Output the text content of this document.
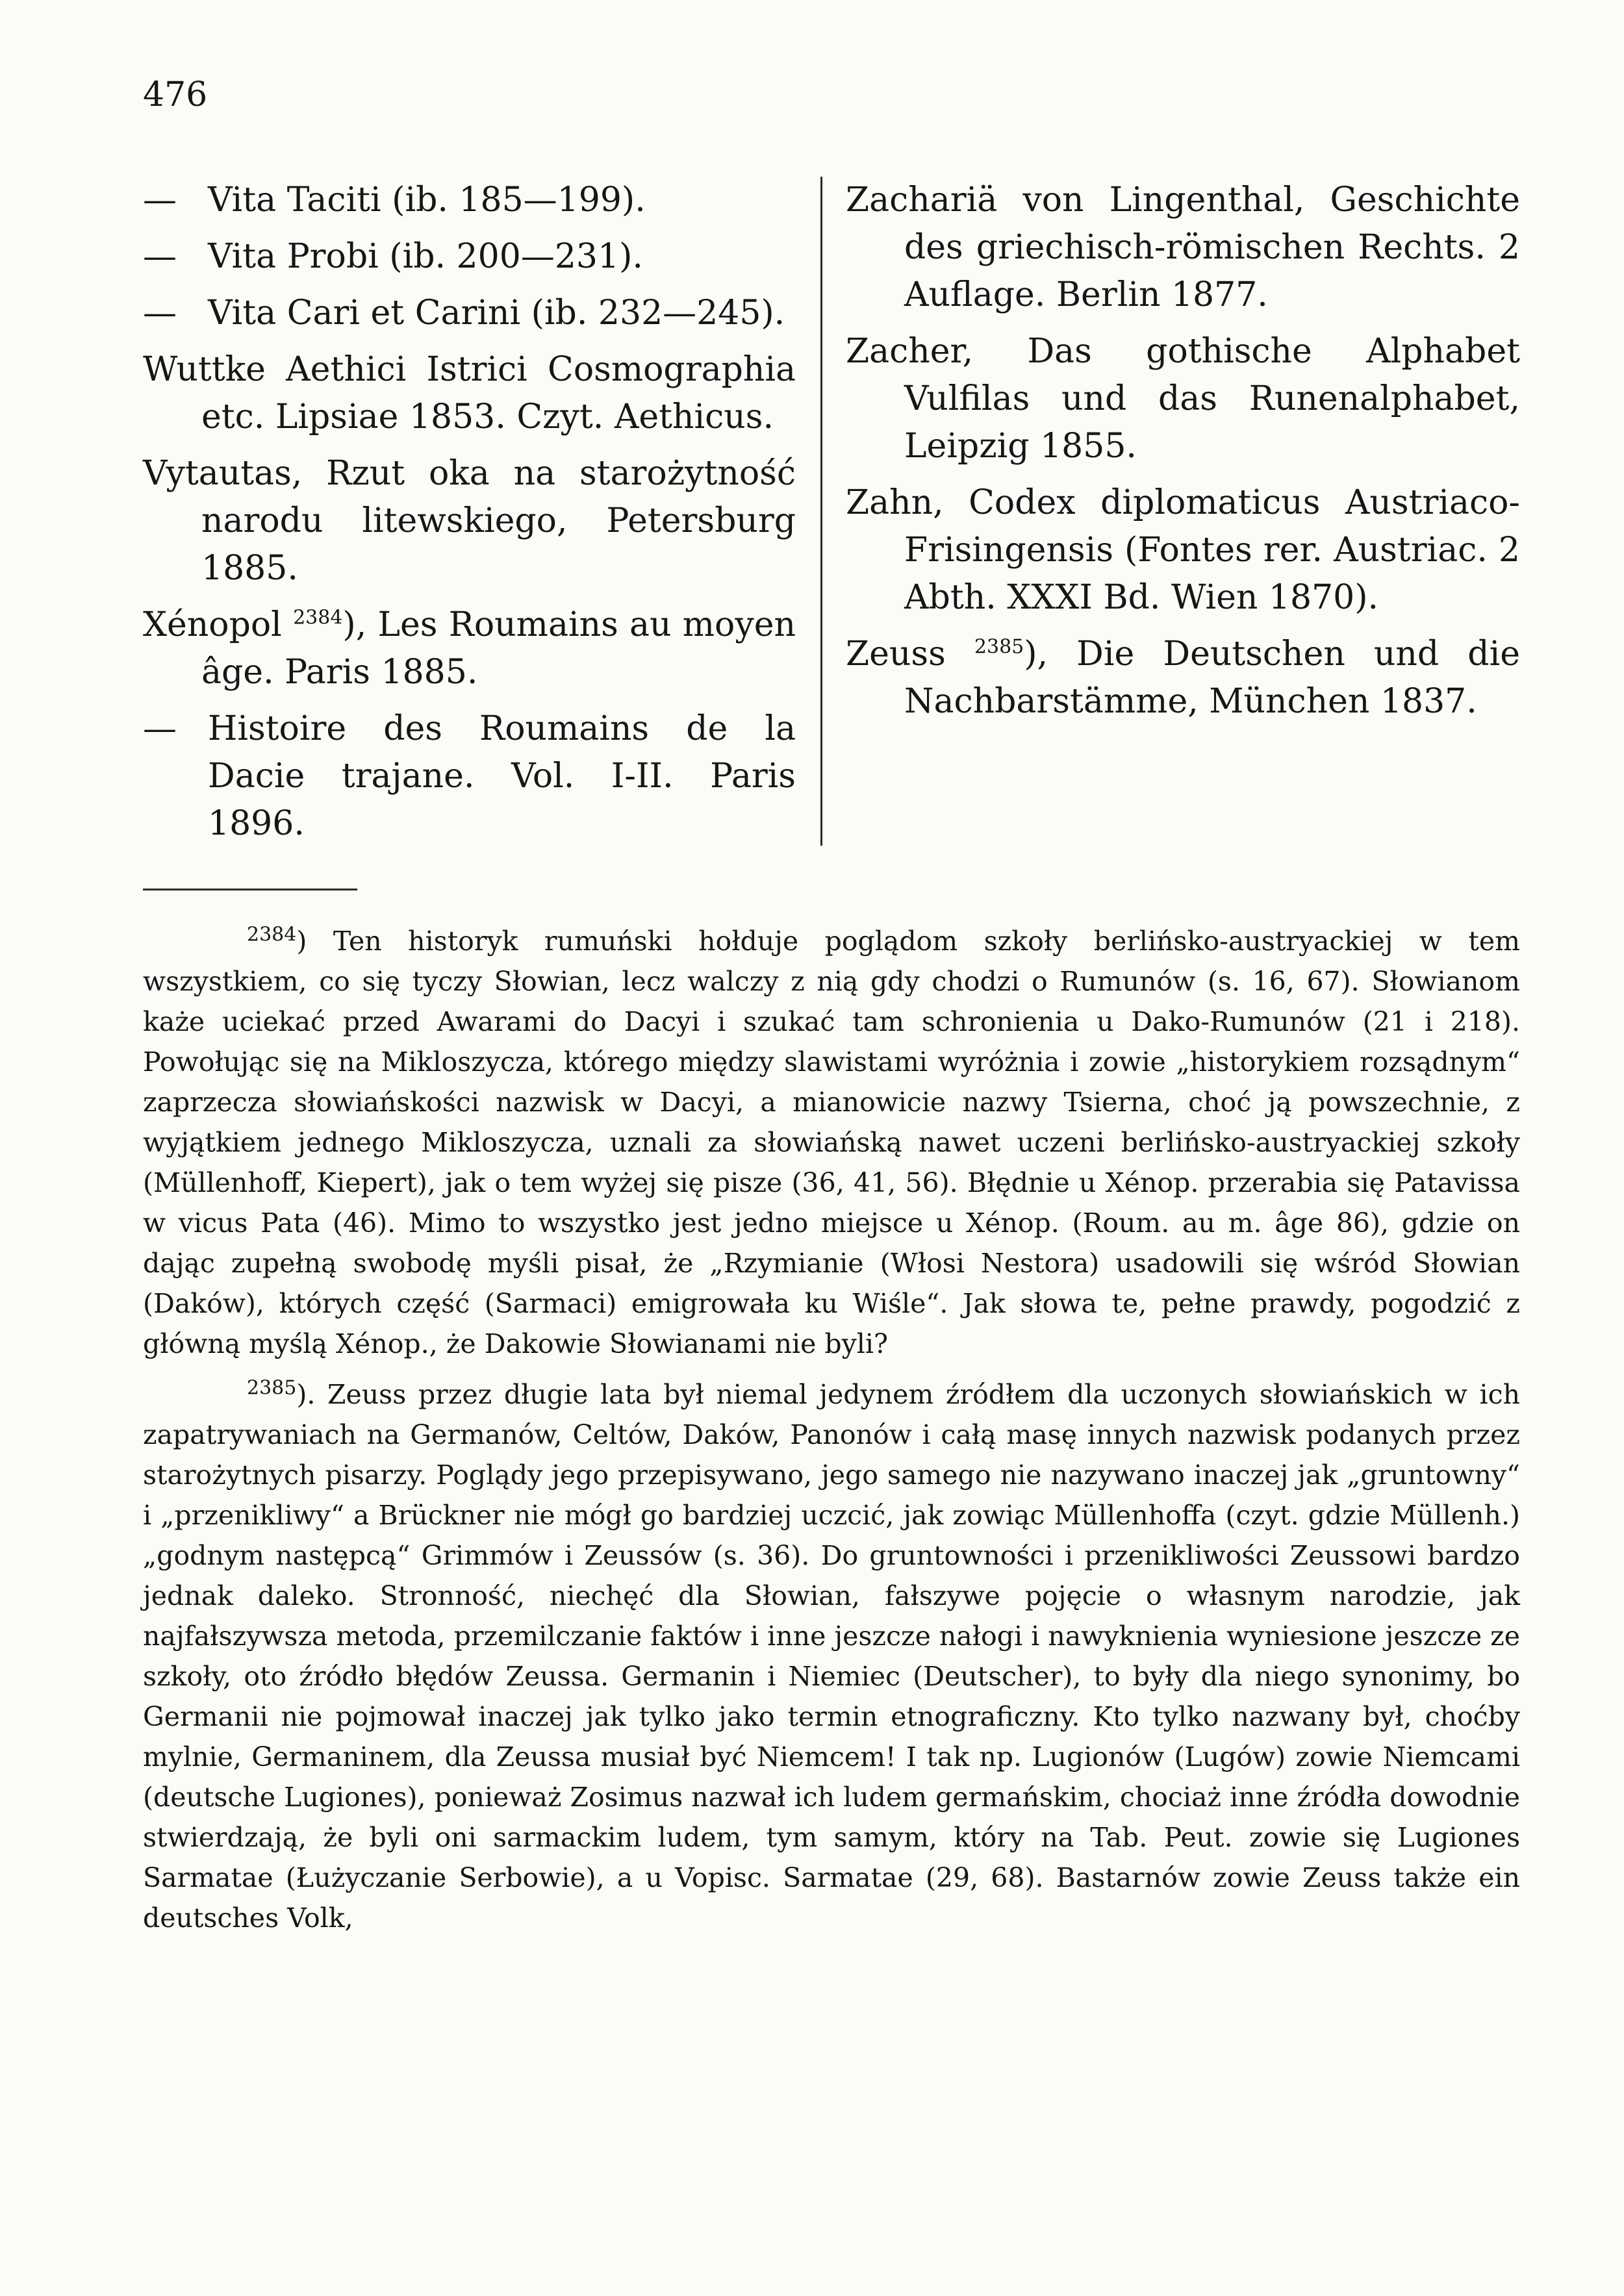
476

— Vita Taciti (ib. 185—199).

— Vita Probi (ib. 200—231).

— Vita Cari et Carini (ib. 232—245).

Wuttke Aethici Istrici Cosmographia etc. Lipsiae 1853. Czyt. Aethicus.

Vytautas, Rzut oka na starożytność narodu litewskiego, Petersburg 1885.

Xénopol $^{2384}$), Les Roumains au moyen âge. Paris 1885.

— Histoire des Roumains de la Dacie trajane. Vol. I-II. Paris 1896.

Zachariä von Lingenthal, Geschichte des griechisch-römischen Rechts. 2 Auflage. Berlin 1877.

Zacher, Das gothische Alphabet Vulfilas und das Runenalphabet, Leipzig 1855.

Zahn, Codex diplomaticus Austriaco-Frisingensis (Fontes rer. Austriac. 2 Abth. XXXI Bd. Wien 1870).

Zeuss $^{2385}$), Die Deutschen und die Nachbarstämme, München 1837.

$^{2384}$) Ten historyk rumuński hołduje poglądom szkoły berlińsko-austryackiej w tem wszystkiem, co się tyczy Słowian, lecz walczy z nią gdy chodzi o Rumunów (s. 16, 67). Słowianom każe uciekać przed Awarami do Dacyi i szukać tam schronienia u Dako-Rumunów (21 i 218). Powołując się na Mikloszycza, którego między slawistami wyróżnia i zowie „historykiem rozsądnym“ zaprzecza słowiańskości nazwisk w Dacyi, a mianowicie nazwy Tsierna, choć ją powszechnie, z wyjątkiem jednego Mikloszycza, uznali za słowiańską nawet uczeni berlińsko-austryackiej szkoły (Müllenhoff, Kiepert), jak o tem wyżej się pisze (36, 41, 56). Błędnie u Xénop. przerabia się Patavissa w vicus Pata (46). Mimo to wszystko jest jedno miejsce u Xénop. (Roum. au m. âge 86), gdzie on dając zupełną swobodę myśli pisał, że „Rzymianie (Włosi Nestora) usadowili się wśród Słowian (Daków), których część (Sarmaci) emigrowała ku Wiśle“. Jak słowa te, pełne prawdy, pogodzić z główną myślą Xénop., że Dakowie Słowianami nie byli?

$^{2385}$). Zeuss przez długie lata był niemal jedynem źródłem dla uczonych słowiańskich w ich zapatrywaniach na Germanów, Celtów, Daków, Panonów i całą masę innych nazwisk podanych przez starożytnych pisarzy. Poglądy jego przepisywano, jego samego nie nazywano inaczej jak „gruntowny“ i „przenikliwy“ a Brückner nie mógł go bardziej uczcić, jak zowiąc Müllenhoffa (czyt. gdzie Müllenh.) „godnym następcą“ Grimmów i Zeussów (s. 36). Do gruntowności i przenikliwości Zeussowi bardzo jednak daleko. Stronność, niechęć dla Słowian, fałszywe pojęcie o własnym narodzie, jak najfałszywsza metoda, przemilczanie faktów i inne jeszcze nałogi i nawyknienia wyniesione jeszcze ze szkoły, oto źródło błędów Zeussa. Germanin i Niemiec (Deutscher), to były dla niego synonimy, bo Germanii nie pojmował inaczej jak tylko jako termin etnograficzny. Kto tylko nazwany był, choćby mylnie, Germaninem, dla Zeussa musiał być Niemcem! I tak np. Lugionów (Lugów) zowie Niemcami (deutsche Lugiones), ponieważ Zosimus nazwał ich ludem germańskim, chociaż inne źródła dowodnie stwierdzają, że byli oni sarmackim ludem, tym samym, który na Tab. Peut. zowie się Lugiones Sarmatae (Łużyczanie Serbowie), a u Vopisc. Sarmatae (29, 68). Bastarnów zowie Zeuss także ein deutsches Volk,
